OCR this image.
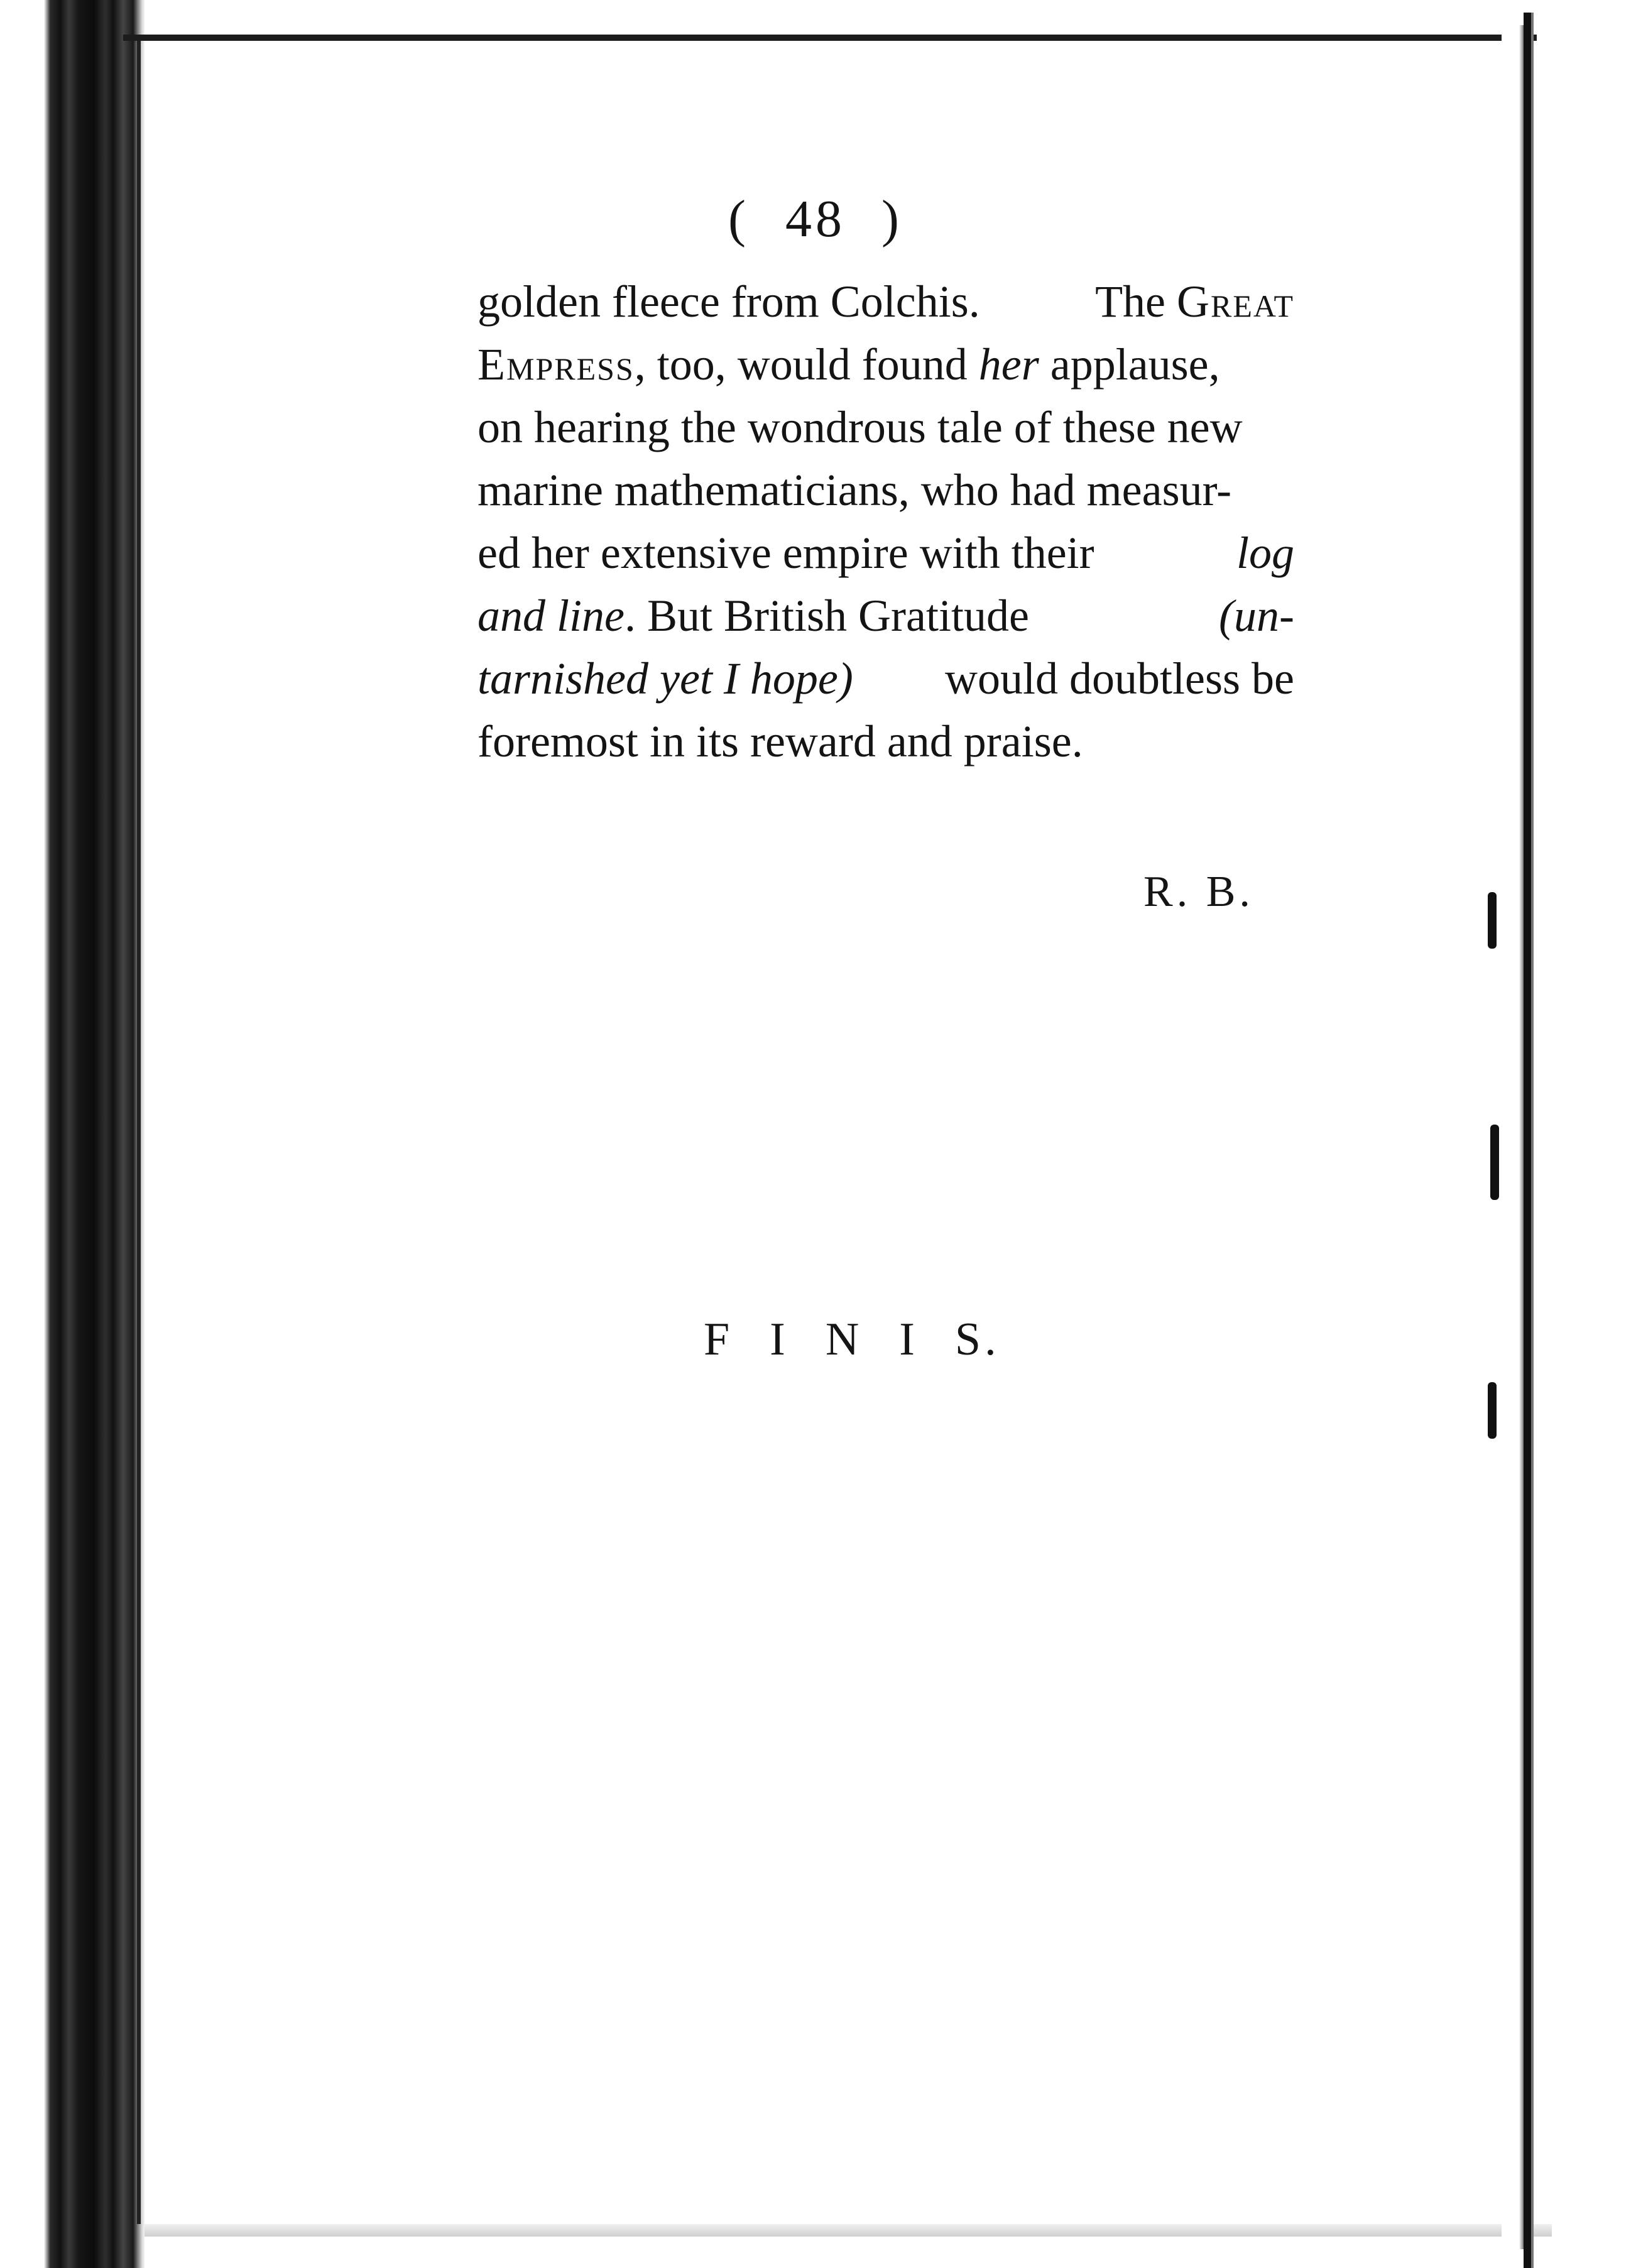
( 48 )
golden fleece from Colchis.	The Great
Empress, too, would found her applause,
on hearing the wondrous tale of these new
marine mathematicians, who had measur-
ed her extensive empire with their	log
and line. But British Gratitude	(un-
tarnished yet I hope) would doubtless be
foremost in its reward and praise.
R. B.
F I N I S.
